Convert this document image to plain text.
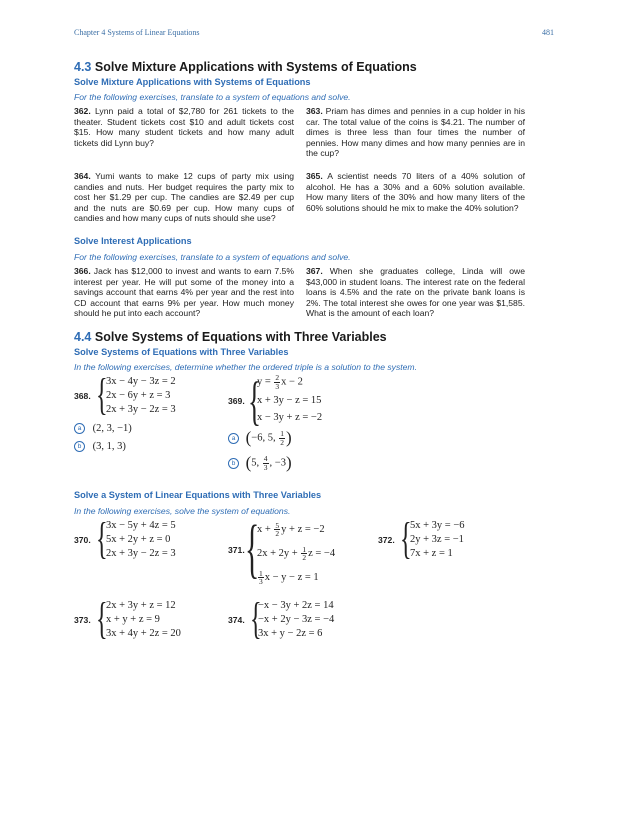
Chapter 4 Systems of Linear Equations	481
4.3 Solve Mixture Applications with Systems of Equations
Solve Mixture Applications with Systems of Equations
For the following exercises, translate to a system of equations and solve.
362. Lynn paid a total of $2,780 for 261 tickets to the theater. Student tickets cost $10 and adult tickets cost $15. How many student tickets and how many adult tickets did Lynn buy?
363. Priam has dimes and pennies in a cup holder in his car. The total value of the coins is $4.21. The number of dimes is three less than four times the number of pennies. How many dimes and how many pennies are in the cup?
364. Yumi wants to make 12 cups of party mix using candies and nuts. Her budget requires the party mix to cost her $1.29 per cup. The candies are $2.49 per cup and the nuts are $0.69 per cup. How many cups of candies and how many cups of nuts should she use?
365. A scientist needs 70 liters of a 40% solution of alcohol. He has a 30% and a 60% solution available. How many liters of the 30% and how many liters of the 60% solutions should he mix to make the 40% solution?
Solve Interest Applications
For the following exercises, translate to a system of equations and solve.
366. Jack has $12,000 to invest and wants to earn 7.5% interest per year. He will put some of the money into a savings account that earns 4% per year and the rest into CD account that earns 9% per year. How much money should he put into each account?
367. When she graduates college, Linda will owe $43,000 in student loans. The interest rate on the federal loans is 4.5% and the rate on the private bank loans is 2%. The total interest she owes for one year was $1,585. What is the amount of each loan?
4.4 Solve Systems of Equations with Three Variables
Solve Systems of Equations with Three Variables
In the following exercises, determine whether the ordered triple is a solution to the system.
368. {
3x − 4y − 3z = 2
2x − 6y + z = 3
2x + 3y − 2z = 3
a (2, 3, −1)
b (3, 1, 3)
369. {
$y = \frac{2}{3}$ x − 2
x + 3y − z = 15
x − 3y + z = −2
a (−6, 5, $\frac{1}{2}$ )
b (5, $\frac{4}{3}$ , −3)
Solve a System of Linear Equations with Three Variables
In the following exercises, solve the system of equations.
370. {
3x − 5y + 4z = 5
5x + 2y + z = 0
2x + 3y − 2z = 3	371. {
$x + \frac{5}{2}$ y + z = −2
$2x + 2y + \frac{1}{2}$ z = −4
$\frac{1}{3}$ x − y − z = 1
372. {
5x + 3y = −6
2y + 3z = −1
7x + z = 1
373. {
2x + 3y + z = 12
x + y + z = 9
3x + 4y + 2z = 20
374. {
−x − 3y + 2z = 14
−x + 2y − 3z = −4
3x + y − 2z = 6
